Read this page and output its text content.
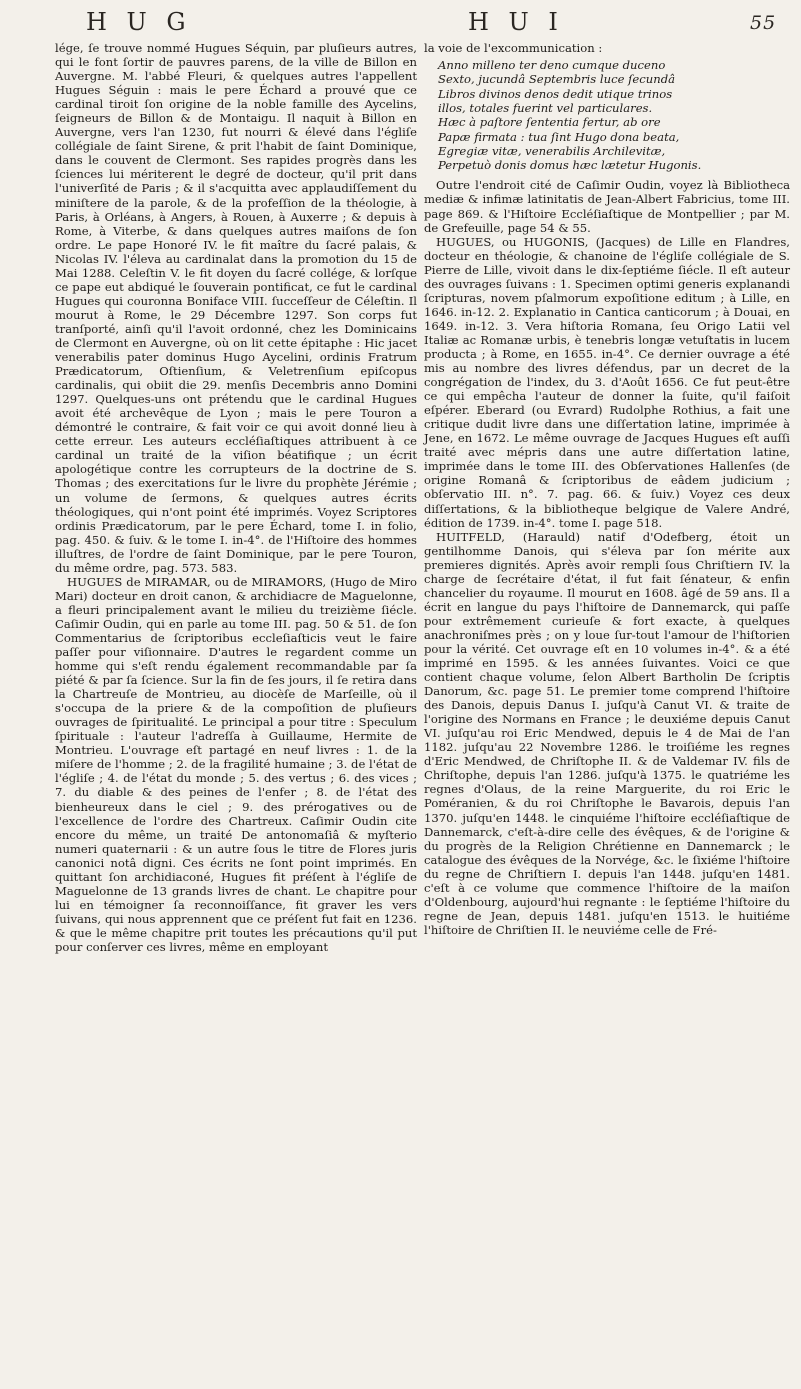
H U G	H U I	55

lége, ſe trouve nommé Hugues Séquin, par pluſieurs autres, qui le font ſortir de pauvres parens, de la ville de Billon en Auvergne. M. l'abbé Fleuri, & quelques autres l'appellent Hugues Séguin : mais le pere Échard a prouvé que ce cardinal tiroit ſon origine de la noble famille des Aycelins, ſeigneurs de Billon & de Montaigu. Il naquit à Billon en Auvergne, vers l'an 1230, fut nourri & élevé dans l'égliſe collégiale de ſaint Sirene, & prit l'habit de ſaint Dominique, dans le couvent de Clermont. Ses rapides progrès dans les ſciences lui mériterent le degré de docteur, qu'il prit dans l'univerſité de Paris ; & il s'acquitta avec applaudiſſement du miniſtere de la parole, & de la profeſſion de la théologie, à Paris, à Orléans, à Angers, à Rouen, à Auxerre ; & depuis à Rome, à Viterbe, & dans quelques autres maiſons de ſon ordre. Le pape Honoré IV. le fit maître du ſacré palais, & Nicolas IV. l'éleva au cardinalat dans la promotion du 15 de Mai 1288. Celeſtin V. le fit doyen du ſacré collége, & lorſque ce pape eut abdiqué le ſouverain pontificat, ce fut le cardinal Hugues qui couronna Boniface VIII. ſucceſſeur de Céleſtin. Il mourut à Rome, le 29 Décembre 1297. Son corps fut tranſporté, ainſi qu'il l'avoit ordonné, chez les Dominicains de Clermont en Auvergne, où on lit cette épitaphe : Hic jacet venerabilis pater dominus Hugo Aycelini, ordinis Fratrum Prædicatorum, Oſtienſium, & Veletrenſium epiſcopus cardinalis, qui obiit die 29. menſis Decembris anno Domini 1297. Quelques-uns ont prétendu que le cardinal Hugues avoit été archevêque de Lyon ; mais le pere Touron a démontré le contraire, & fait voir ce qui avoit donné lieu à cette erreur. Les auteurs eccléſiaſtiques attribuent à ce cardinal un traité de la viſion béatifique ; un écrit apologétique contre les corrupteurs de la doctrine de S. Thomas ; des exercitations ſur le livre du prophète Jérémie ; un volume de ſermons, & quelques autres écrits théologiques, qui n'ont point été imprimés. Voyez Scriptores ordinis Prædicatorum, par le pere Échard, tome I. in folio, pag. 450. & ſuiv. & le tome I. in-4°. de l'Hiſtoire des hommes illuſtres, de l'ordre de ſaint Dominique, par le pere Touron, du même ordre, pag. 573. 583.

HUGUES de MIRAMAR, ou de MIRAMORS, (Hugo de Miro Mari) docteur en droit canon, & archidiacre de Maguelonne, a fleuri principalement avant le milieu du treizième ſiécle. Caſimir Oudin, qui en parle au tome III. pag. 50 & 51. de ſon Commentarius de ſcriptoribus eccleſiaſticis veut le faire paſſer pour viſionnaire. D'autres le regardent comme un homme qui s'eſt rendu également recommandable par ſa piété & par ſa ſcience. Sur la fin de ſes jours, il ſe retira dans la Chartreuſe de Montrieu, au diocèſe de Marſeille, où il s'occupa de la priere & de la compoſition de pluſieurs ouvrages de ſpiritualité. Le principal a pour titre : Speculum ſpirituale : l'auteur l'adreſſa à Guillaume, Hermite de Montrieu. L'ouvrage eſt partagé en neuf livres : 1. de la miſere de l'homme ; 2. de la fragilité humaine ; 3. de l'état de l'égliſe ; 4. de l'état du monde ; 5. des vertus ; 6. des vices ; 7. du diable & des peines de l'enfer ; 8. de l'état des bienheureux dans le ciel ; 9. des prérogatives ou de l'excellence de l'ordre des Chartreux. Caſimir Oudin cite encore du même, un traité De antonomaſiâ & myſterio numeri quaternarii : & un autre ſous le titre de Flores juris canonici notâ digni. Ces écrits ne ſont point imprimés. En quittant ſon archidiaconé, Hugues fit préſent à l'égliſe de Maguelonne de 13 grands livres de chant. Le chapitre pour lui en témoigner ſa reconnoiſſance, fit graver les vers ſuivans, qui nous apprennent que ce préſent fut fait en 1236. & que le même chapitre prit toutes les précautions qu'il put pour conſerver ces livres, même en employant

la voie de l'excommunication :

Anno milleno ter deno cumque duceno
Sexto, jucundâ Septembris luce ſecundâ
Libros divinos denos dedit utique trinos
illos, totales fuerint vel particulares.
Hæc à paſtore ſententia fertur, ab ore
Papæ firmata : tua ſint Hugo dona beata,
Egregiæ vitæ, venerabilis Archilevitæ,
Perpetuò donis domus hæc lætetur Hugonis.

Outre l'endroit cité de Caſimir Oudin, voyez là Bibliotheca mediæ & infimæ latinitatis de Jean-Albert Fabricius, tome III. page 869. & l'Hiſtoire Eccléſiaſtique de Montpellier ; par M. de Grefeuille, page 54 & 55.

HUGUES, ou HUGONIS, (Jacques) de Lille en Flandres, docteur en théologie, & chanoine de l'égliſe collégiale de S. Pierre de Lille, vivoit dans le dix-ſeptiéme ſiécle. Il eſt auteur des ouvrages ſuivans : 1. Specimen optimi generis explanandi ſcripturas, novem pſalmorum expoſitione editum ; à Lille, en 1646. in-12. 2. Explanatio in Cantica canticorum ; à Douai, en 1649. in-12. 3. Vera hiſtoria Romana, ſeu Origo Latii vel Italiæ ac Romanæ urbis, è tenebris longæ vetuſtatis in lucem producta ; à Rome, en 1655. in-4°. Ce dernier ouvrage a été mis au nombre des livres défendus, par un decret de la congrégation de l'index, du 3. d'Août 1656. Ce fut peut-être ce qui empêcha l'auteur de donner la ſuite, qu'il faiſoit eſpérer. Eberard (ou Evrard) Rudolphe Rothius, a fait une critique dudit livre dans une diſſertation latine, imprimée à Jene, en 1672. Le même ouvrage de Jacques Hugues eſt auſſi traité avec mépris dans une autre diſſertation latine, imprimée dans le tome III. des Obſervationes Hallenſes (de origine Romanâ & ſcriptoribus de eâdem judicium ; obſervatio III. n°. 7. pag. 66. & ſuiv.) Voyez ces deux diſſertations, & la bibliotheque belgique de Valere André, édition de 1739. in-4°. tome I. page 518.

HUITFELD, (Harauld) natif d'Odefberg, étoit un gentilhomme Danois, qui s'éleva par ſon mérite aux premieres dignités. Après avoir rempli ſous Chriſtiern IV. la charge de ſecrétaire d'état, il fut fait ſénateur, & enfin chancelier du royaume. Il mourut en 1608. âgé de 59 ans. Il a écrit en langue du pays l'hiſtoire de Dannemarck, qui paſſe pour extrêmement curieuſe & fort exacte, à quelques anachroniſmes près ; on y loue ſur-tout l'amour de l'hiſtorien pour la vérité. Cet ouvrage eſt en 10 volumes in-4°. & a été imprimé en 1595. & les années ſuivantes. Voici ce que contient chaque volume, ſelon Albert Bartholin De ſcriptis Danorum, &c. page 51. Le premier tome comprend l'hiſtoire des Danois, depuis Danus I. juſqu'à Canut VI. & traite de l'origine des Normans en France ; le deuxiéme depuis Canut VI. juſqu'au roi Eric Mendwed, depuis le 4 de Mai de l'an 1182. juſqu'au 22 Novembre 1286. le troiſiéme les regnes d'Eric Mendwed, de Chriſtophe II. & de Valdemar IV. fils de Chriſtophe, depuis l'an 1286. juſqu'à 1375. le quatriéme les regnes d'Olaus, de la reine Marguerite, du roi Eric le Poméranien, & du roi Chriſtophe le Bavarois, depuis l'an 1370. juſqu'en 1448. le cinquiéme l'hiſtoire eccléſiaſtique de Dannemarck, c'eſt-à-dire celle des évêques, & de l'origine & du progrès de la Religion Chrétienne en Dannemarck ; le catalogue des évêques de la Norvége, &c. le ſixiéme l'hiſtoire du regne de Chriſtiern I. depuis l'an 1448. juſqu'en 1481. c'eſt à ce volume que commence l'hiſtoire de la maiſon d'Oldenbourg, aujourd'hui regnante : le ſeptiéme l'hiſtoire du regne de Jean, depuis 1481. juſqu'en 1513. le huitiéme l'hiſtoire de Chriſtien II. le neuviéme celle de Fré-
